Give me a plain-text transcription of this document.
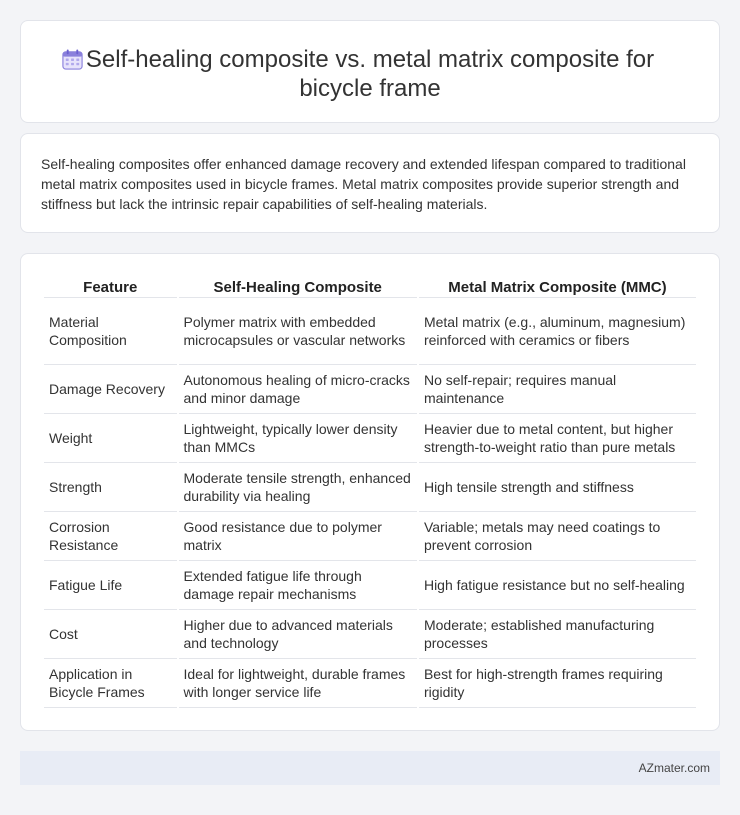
Self-healing composite vs. metal matrix composite for bicycle frame

Self-healing composites offer enhanced damage recovery and extended lifespan compared to traditional metal matrix composites used in bicycle frames. Metal matrix composites provide superior strength and stiffness but lack the intrinsic repair capabilities of self-healing materials.

Feature	Self-Healing Composite	Metal Matrix Composite (MMC)
Material Composition	Polymer matrix with embedded microcapsules or vascular networks	Metal matrix (e.g., aluminum, magnesium) reinforced with ceramics or fibers
Damage Recovery	Autonomous healing of micro-cracks and minor damage	No self-repair; requires manual maintenance
Weight	Lightweight, typically lower density than MMCs	Heavier due to metal content, but higher strength-to-weight ratio than pure metals
Strength	Moderate tensile strength, enhanced durability via healing	High tensile strength and stiffness
Corrosion Resistance	Good resistance due to polymer matrix	Variable; metals may need coatings to prevent corrosion
Fatigue Life	Extended fatigue life through damage repair mechanisms	High fatigue resistance but no self-healing
Cost	Higher due to advanced materials and technology	Moderate; established manufacturing processes
Application in Bicycle Frames	Ideal for lightweight, durable frames with longer service life	Best for high-strength frames requiring rigidity
AZmater.com
